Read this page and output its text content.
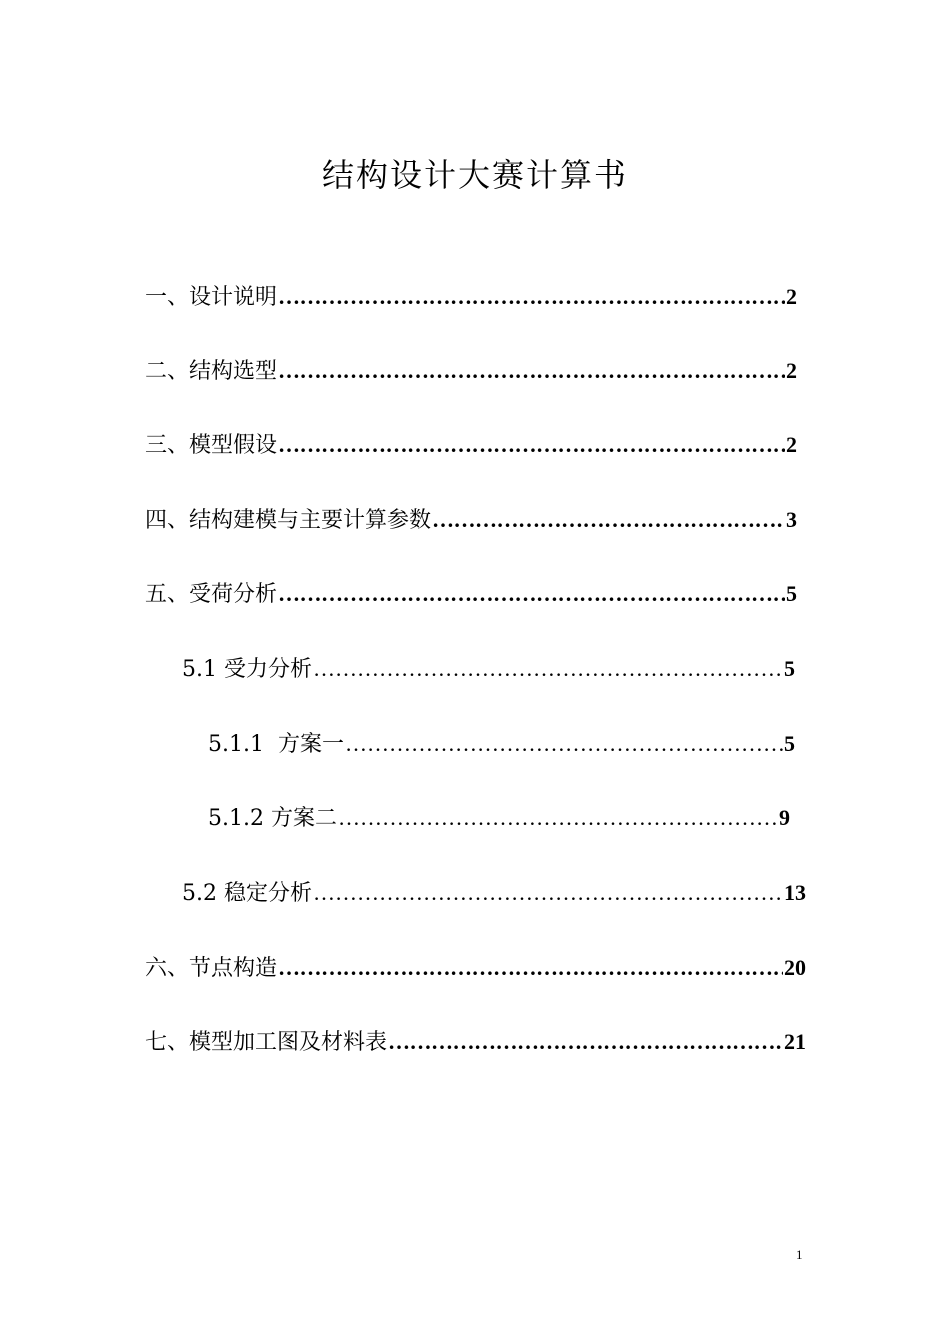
结构设计大赛计算书
一、设计说明 ……………………………………………………………………………………………………………………………………………………………………………………	2
二、结构选型 ……………………………………………………………………………………………………………………………………………………………………………………	2
三、模型假设 ……………………………………………………………………………………………………………………………………………………………………………………	2
四、结构建模与主要计算参数 ……………………………………………………………………………………………………………………………………………………………………………………	3
五、受荷分析 ……………………………………………………………………………………………………………………………………………………………………………………	5
5.1 受力分析 ……………………………………………………………………………………………………………………………………………………………………………………	5
5.1.1  方案一 ……………………………………………………………………………………………………………………………………………………………………………………	5
5.1.2 方案二 ……………………………………………………………………………………………………………………………………………………………………………………	9
5.2 稳定分析 ……………………………………………………………………………………………………………………………………………………………………………………	13
六、节点构造 ……………………………………………………………………………………………………………………………………………………………………………………	20
七、模型加工图及材料表 ……………………………………………………………………………………………………………………………………………………………………………………	21
1
